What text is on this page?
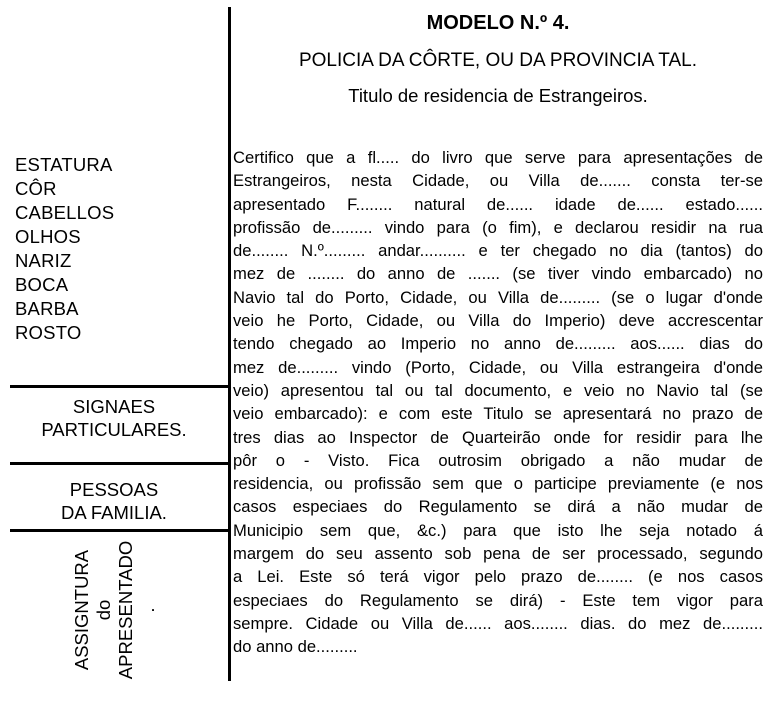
ESTATURA
CÔR
CABELLOS
OLHOS
NARIZ
BOCA
BARBA
ROSTO
SIGNAES
PARTICULARES.
PESSOAS
DA FAMILIA.
ASSIGNTURA do APRESENTADO .
MODELO N.º 4.
POLICIA DA CÔRTE, OU DA PROVINCIA TAL.
Titulo de residencia de Estrangeiros.
Certifico que a fl..... do livro que serve para apresentações de
Estrangeiros, nesta Cidade, ou Villa de....... consta ter-se
apresentado F........ natural de...... idade de...... estado......
profissão de......... vindo para (o fim), e declarou residir na rua
de........ N.º......... andar.......... e ter chegado no dia (tantos) do
mez de ........ do anno de ....... (se tiver vindo embarcado) no
Navio tal do Porto, Cidade, ou Villa de......... (se o lugar d'onde
veio he Porto, Cidade, ou Villa do Imperio) deve accrescentar
tendo chegado ao Imperio no anno de......... aos...... dias do
mez de......... vindo (Porto, Cidade, ou Villa estrangeira d'onde
veio) apresentou tal ou tal documento, e veio no Navio tal (se
veio embarcado): e com este Titulo se apresentará no prazo de
tres dias ao Inspector de Quarteirão onde for residir para lhe
pôr o - Visto. Fica outrosim obrigado a não mudar de
residencia, ou profissão sem que o participe previamente (e nos
casos especiaes do Regulamento se dirá a não mudar de
Municipio sem que, &c.) para que isto lhe seja notado á
margem do seu assento sob pena de ser processado, segundo
a Lei. Este só terá vigor pelo prazo de........ (e nos casos
especiaes do Regulamento se dirá) - Este tem vigor para
sempre. Cidade ou Villa de...... aos........ dias. do mez de.........
do anno de.........
